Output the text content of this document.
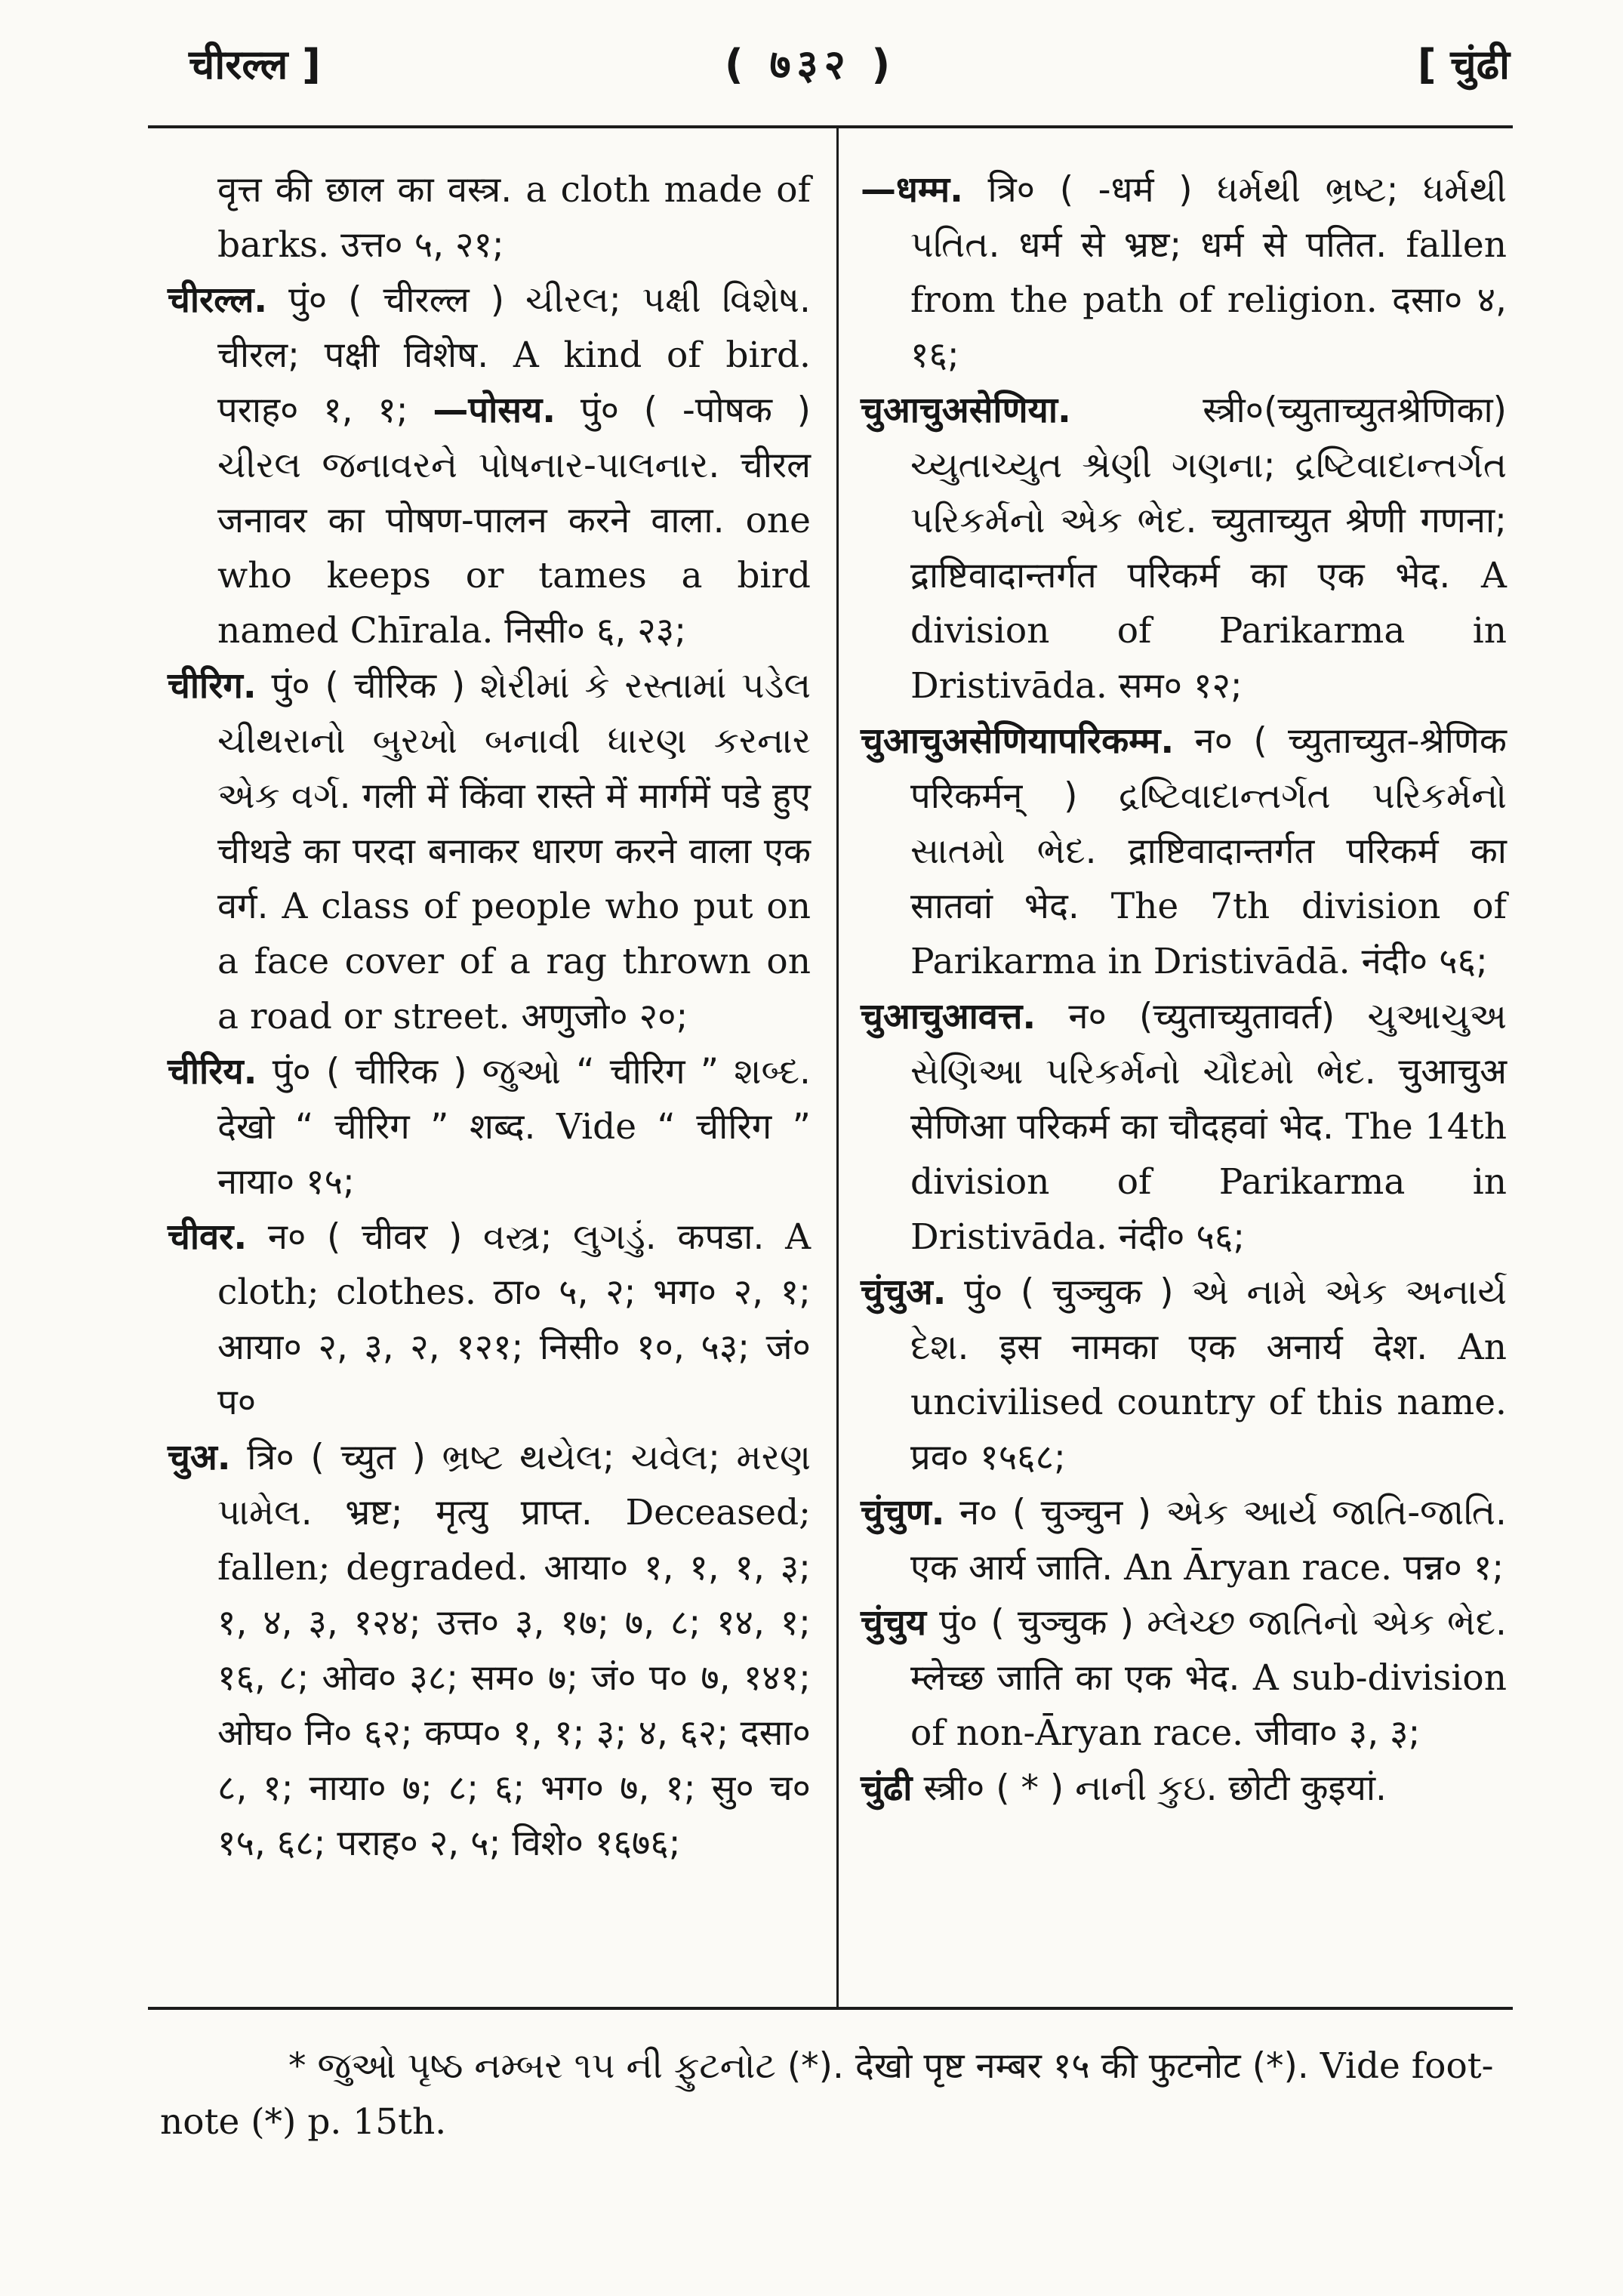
चीरल्ल ]	( ७३२ )	[ चुंढी

वृत्त की छाल का वस्त्र. a cloth made of barks. उत्त० ५, २१;

चीरल्ल. पुं० ( चीरल्ल ) ચીરલ; પક્ષી વિશેષ. चीरल; पक्षी विशेष. A kind of bird. पराह० १, १; —पोसय. पुं० ( -पोषक ) ચીરલ જનાવરને પોષનાર-પાલનાર. चीरल जनावर का पोषण-पालन करने वाला. one who keeps or tames a bird named Chīrala. निसी० ६, २३;

चीरिग. पुं० ( चीरिक ) શેરીમાં કે રસ્તામાં પડેલ ચીથરાનો બુરખો બનાવી ધારણ કરનાર એક વર્ગ. गली में किंवा रास्ते में मार्गमें पडे हुए चीथडे का परदा बनाकर धारण करने वाला एक वर्ग. A class of people who put on a face cover of a rag thrown on a road or street. अणुजो० २०;

चीरिय. पुं० ( चीरिक ) જુઓ “ चीरिग ” શબ્દ. देखो “ चीरिग ” शब्द. Vide “ चीरिग ” नाया० १५;

चीवर. न० ( चीवर ) વસ્ત્ર; લુગડું. कपडा. A cloth; clothes. ठा० ५, २; भग० २, १; आया० २, ३, २, १२१; निसी० १०, ५३; जं० प०

चुअ. त्रि० ( च्युत ) ભ્રષ્ટ થયેલ; ચવેલ; મરણ પામેલ. भ्रष्ट; मृत्यु प्राप्त. Deceased; fallen; degraded. आया० १, १, १, ३; १, ४, ३, १२४; उत्त० ३, १७; ७, ८; १४, १; १६, ८; ओव० ३८; सम० ७; जं० प० ७, १४१; ओघ० नि० ६२; कप्प० १, १; ३; ४, ६२; दसा० ८, १; नाया० ७; ८; ६; भग० ७, १; सु० च० १५, ६८; पराह० २, ५; विशे० १६७६;

—धम्म. त्रि० ( -धर्म ) ધર્મથી ભ્રષ્ટ; ધર્મથી પતિત. धर्म से भ्रष्ट; धर्म से पतित. fallen from the path of religion. दसा० ४, १६;

चुआचुअसेणिया.	स्त्री०(च्युताच्युतश्रेणिका) ચ્યુતાચ્યુત શ્રેણી ગણના; દ્રષ્ટિવાદાન્તર્ગત પરિકર્મનો એક ભેદ. च्युताच्युत श्रेणी गणना; द्राष्टिवादान्तर्गत परिकर्म का एक भेद. A division of Parikarma in Dristivāda. सम० १२;

चुआचुअसेणियापरिकम्म. न० ( च्युताच्युत-श्रेणिक परिकर्मन् ) દ્રષ્ટિવાદાન્તર્ગત પરિકર્મનો સાતમો ભેદ. द्राष्टिवादान्तर्गत परिकर्म का सातवां भेद. The 7th division of Parikarma in Dristivādā. नंदी० ५६;

चुआचुआवत्त. न० (च्युताच्युतावर्त) ચુઆચુઅ સેણિઆ પરિકર્મનો ચૌદમો ભેદ. चुआचुअ सेणिआ परिकर्म का चौदहवां भेद. The 14th division of Parikarma in Dristivāda. नंदी० ५६;

चुंचुअ. पुं० ( चुञ्चुक ) એ નામે એક અનાર્ય દેશ. इस नामका एक अनार्य देश. An uncivilised country of this name. प्रव० १५६८;

चुंचुण. न० ( चुञ्चुन ) એક આર્ય જાતિ-જાતિ. एक आर्य जाति. An Āryan race. पन्न० १;

चुंचुय पुं० ( चुञ्चुक ) મ્લેચ્છ જાતિનો એક ભેદ. म्लेच्छ जाति का एक भेद. A sub-division of non-Āryan race. जीवा० ३, ३;

चुंढी स्त्री० ( * ) નાની કુઇ. छोटी कुइयां.

* જુઓ પૃષ્ઠ નમ્બર ૧૫ ની ફુટનોટ (*). देखो पृष्ट नम्बर १५ की फुटनोट (*). Vide foot-note (*) p. 15th.
